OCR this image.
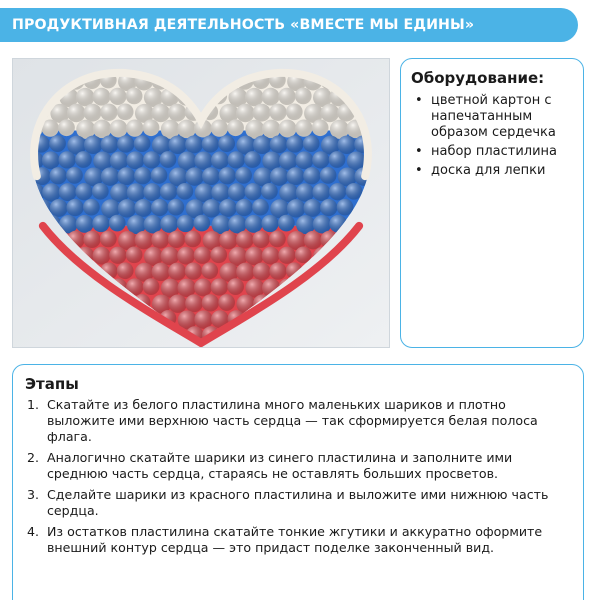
ПРОДУКТИВНАЯ ДЕЯТЕЛЬНОСТЬ «ВМЕСТЕ МЫ ЕДИНЫ»
Оборудование:
• цветной картон с напечатанным образом сердечка
• набор пластилина
• доска для лепки
Этапы
1. Скатайте из белого пластилина много маленьких шариков и плотно выложите ими верхнюю часть сердца — так сформируется белая полоса флага.
2. Аналогично скатайте шарики из синего пластилина и заполните ими среднюю часть сердца, стараясь не оставлять больших просветов.
3. Сделайте шарики из красного пластилина и выложите ими нижнюю часть сердца.
4. Из остатков пластилина скатайте тонкие жгутики и аккуратно оформите внешний контур сердца — это придаст поделке законченный вид.
